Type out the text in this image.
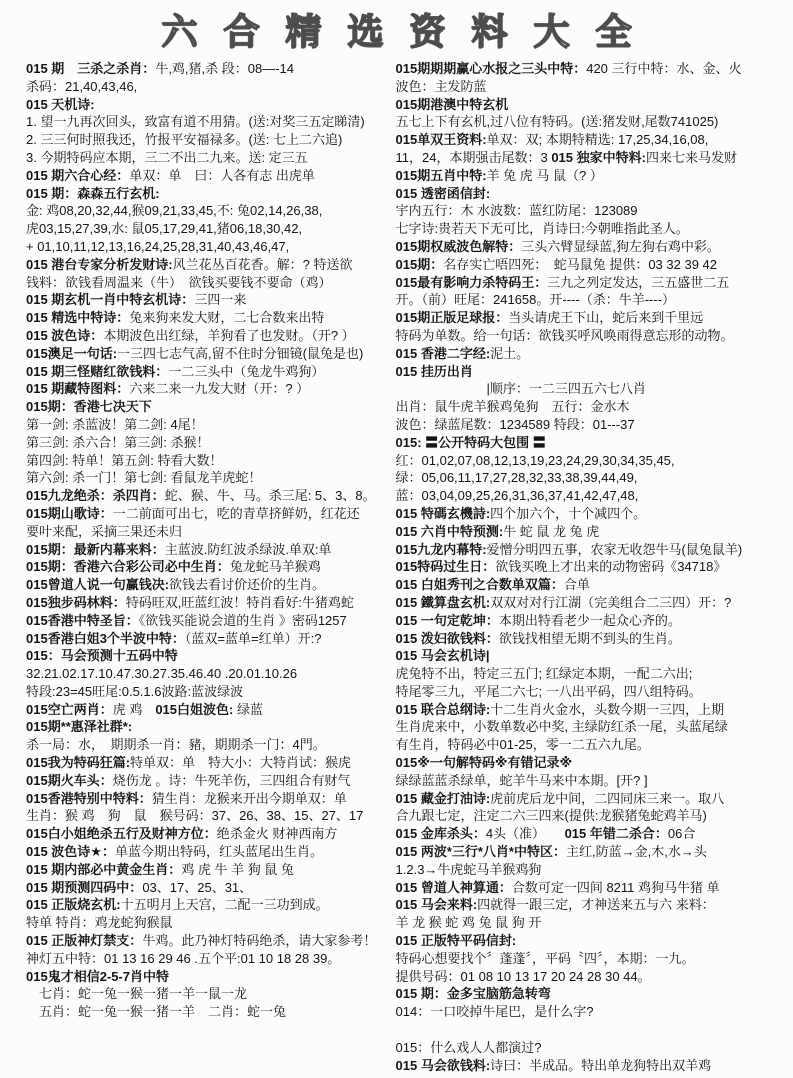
六合精选资料大全
015 期　三杀之杀肖：牛,鸡,猪,杀 段：08—-14
杀码：21,40,43,46,
015 天机诗:
1. 望一九再次回头，致富有道不用猜。(送:对奖三五定睇清)
2. 三三何时照我还，竹报平安福禄多。(送: 七上二六追)
3. 今期特码应本期，三二不出二九来。送: 定三五
015 期六合心经：单双：单　曰：人各有志 出虎单
015 期：森森五行玄机:
金: 鸡08,20,32,44,猴09,21,33,45,不: 兔02,14,26,38,
虎03,15,27,39,水: 鼠05,17,29,41,猪06,18,30,42,
+ 01,10,11,12,13,16,24,25,28,31,40,43,46,47,
015 港台专家分析发财诗:风兰花丛百花香。解：? 特送欲
钱料：欲钱看周温来（牛）　欲钱买要钱不要命（鸡）
015 期玄机一肖中特玄机诗：三四一来
015 精选中特诗：兔来狗来发大财，二七合数来出特
015 波色诗：本期波色出红绿，羊狗看了也发财。（开? ）
015澳足一句话:一三四七志气高,留不住时分钿镜(鼠兔是也)
015 期三怪赌红欲钱料：一二三头中（兔龙牛鸡狗）
015 期藏特图料：六来二来一九发大财（开：? ）
015期：香港七决天下
第一剑: 杀蓝波！第二剑: 4尾！
第三剑: 杀六合！第三剑: 杀猴！
第四剑: 特单！第五剑: 特看大数！
第六剑: 杀一门！第七剑: 看鼠龙羊虎蛇！
015九龙绝杀：杀四肖：蛇、猴、牛、马。杀三尾: 5、3、8。
015期山歌诗：一二前面可出七，吃的青草挤鲜奶，红花还
要叶来配，采摘三果还未归
015期：最新内幕来料：主蓝波.防红波杀绿波.单双:单
015期：香港六合彩公司必中生肖：兔龙蛇马羊猴鸡
015曾道人说一句赢钱决:欲钱去看讨价还价的生肖。
015独步码林料：特码旺双,旺蓝红波！特肖看好:牛猪鸡蛇
015香港中特圣旨：《欲钱买能说会道的生肖 》密码1257
015香港白姐3个半波中特：（蓝双=蓝单=红单）开:?
015：马会预测十五码中特
32.21.02.17.10.47.30.27.35.46.40 .20.01.10.26
特段:23=45旺尾:0.5.1.6波路:蓝波绿波
015空亡两肖：虎 鸡　015白姐波色: 绿蓝
015期**惠泽社群*:
杀一局：水，　期期杀一肖：豬，期期杀一门：4門。
015我为特码狂篇:特单双：单　特大小：大特肖试：猴虎
015期火车头：烧伤龙 。诗：牛死羊伤，三四组合有财气
015香港特别中特料：猜生肖：龙猴来开出今期单双：单
生肖：猴 鸡　狗　鼠　猴号码：37、26、38、15、27、17
015白小姐绝杀五行及财神方位：绝杀金火 财神西南方
015 波色诗★：单蓝今期出特码，红头蓝尾出生肖。
015 期内部必中黄金生肖：鸡 虎 牛 羊 狗 鼠 兔
015 期预测四码中：03、17、25、31、
015 正版烧玄机:十五明月上天宫，二配一三功到成。
特单 特肖：鸡龙蛇狗猴鼠
015 正版神灯禁支：牛鸡。此乃神灯特码绝杀，请大家参考！
神灯五中特：01 13 16 29 46 .五个平:01 10 18 28 39。
015鬼才相信2-5-7肖中特
　七肖：蛇一兔一猴一猪一羊一鼠一龙
　五肖：蛇一兔一猴一猪一羊　二肖：蛇一兔
015期期期赢心水报之三头中特：420 三行中特：水、金、火
波色：主发防蓝
015期港澳中特玄机
五七上下有玄机,过八位有特码。(送:猪发财,尾数741025)
015单双王资料:单双：双; 本期特精选: 17,25,34,16,08,
11，24，本期强击尾数：3 015 独家中特料:四来七来马发财
015期五肖中特:羊 兔 虎 马 鼠（? ）
015 透密函信封:
宇内五行：木 水波数：蓝红防尾：123089
七字诗:贵若天下无可比，肖诗曰:今朝唯指此圣人。
015期权威波色解特：三头六臂显绿蓝,狗左狗右鸡中彩。
015期：名存实亡唔四死：　蛇马鼠兔 提供：03 32 39 42
015最有影响力杀特码王：三九之列定发达，三五盛世二五
开。（前）旺尾：241658。开----（杀：牛羊----）
015期正版足球报：当头请虎王下山，蛇后来到千里远
特码为单数。给一句话：欲钱买呼风唤雨得意忘形的动物。
015 香港二字经:泥土。
015 挂历出肖
　　　　　　　|顺序：一二三四五六七八肖
出肖：鼠牛虎羊猴鸡兔狗　五行：金水木
波色：绿蓝尾数：1234589 特段：01---37
015: 〓公开特码大包围 〓
红：01,02,07,08,12,13,19,23,24,29,30,34,35,45,
绿：05,06,11,17,27,28,32,33,38,39,44,49,
蓝：03,04,09,25,26,31,36,37,41,42,47,48,
015 特碼玄機詩:四个加六个，十个减四个。
015 六肖中特预测:牛 蛇 鼠 龙 兔 虎
015九龙内幕特:爱憎分明四五事，农家无收怨牛马(鼠兔鼠羊)
015特码过生日：欲钱买晚上才出来的动物密码《34718》
015 白姐秀刊之合数单双篇：合单
015 鐵算盘玄机:双双对对行江湖（完美组合二三四）开：?
015 一句定乾坤：本期出特看老少一起众心齐的。
015 泼妇欲钱料：欲钱找相望无期不到头的生肖。
015 马会玄机诗|
虎兔特不出，特定三五门; 红绿定本期，一配二六出;
特尾零三九，平尾二六七; 一八出平码，四八组特码。
015 联合总纲诗:十二生肖火金水，头数今期一三四，上期
生肖虎来中，小数单数必中奖, 主绿防红杀一尾，头蓝尾绿
有生肖，特码必中01-25，零一二五六九尾。
015※一句解特码※有错记录※
绿绿蓝蓝杀绿单，蛇羊牛马来中本期。[开? ]
015 藏金打油诗:虎前虎后龙中间，二四同床三来一。取八
合九跟七定，注定二六三四来(提供:龙猴猪兔蛇鸡羊马)
015 金库杀头：4头（准）　　015 年错二杀合：06合
015 两波*三行*八肖*中特区：主红,防蓝→金,木,水→头
1.2.3→牛虎蛇马羊猴鸡狗
015 曾道人神算通：合数可定一四间 8211 鸡狗马牛猪 单
015 马会来料:四就得一跟三定，才神送来五与六 来料：
羊 龙 猴 蛇 鸡 兔 鼠 狗 开
015 正版特平码信封:
特码心想要找个〞蓬蓬〞，平码〝四〞，本期：一九。
提供号码：01 08 10 13 17 20 24 28 30 44。
015 期：金多宝脑筋急转弯
014：一口咬掉牛尾巴，是什么字?

015：什么戏人人都演过?
015 马会欲钱料:诗曰：半成品。特出单龙狗特出双羊鸡
